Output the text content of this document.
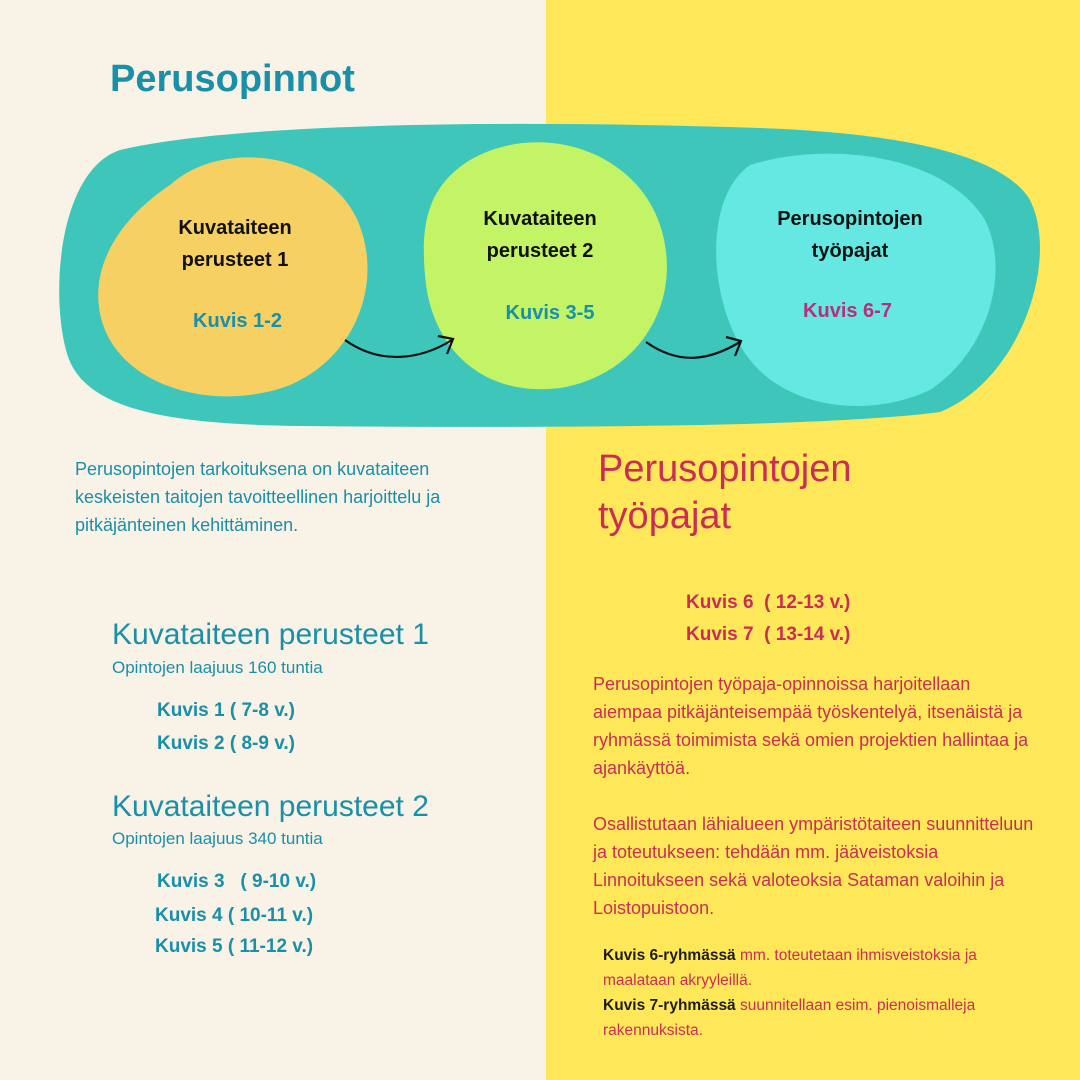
Perusopinnot
Kuvataiteen
perusteet 1
Kuvis 1-2
Kuvataiteen
perusteet 2
Kuvis 3-5
Perusopintojen
työpajat
Kuvis 6-7

Perusopintojen tarkoituksena on kuvataiteen keskeisten taitojen tavoitteellinen harjoittelu ja pitkäjänteinen kehittäminen.

Kuvataiteen perusteet 1

Opintojen laajuus 160 tuntia

Kuvis 1 ( 7-8 v.)
Kuvis 2 ( 8-9 v.)
Kuvataiteen perusteet 2

Opintojen laajuus 340 tuntia

Kuvis 3   ( 9-10 v.)
Kuvis 4 ( 10-11 v.)
Kuvis 5 ( 11-12 v.)
Perusopintojen
työpajat
Kuvis 6  ( 12-13 v.)
Kuvis 7  ( 13-14 v.)

Perusopintojen työpaja-opinnoissa harjoitellaan aiempaa pitkäjänteisempää työskentelyä, itsenäistä ja ryhmässä toimimista sekä omien projektien hallintaa ja ajankäyttöä.

Osallistutaan lähialueen ympäristötaiteen suunnitteluun ja toteutukseen: tehdään mm. jääveistoksia Linnoitukseen sekä valoteoksia Sataman valoihin ja Loistopuistoon.

Kuvis 6-ryhmässä mm. toteutetaan ihmisveistoksia ja maalataan akryyleillä.
Kuvis 7-ryhmässä suunnitellaan esim. pienoismalleja rakennuksista.
